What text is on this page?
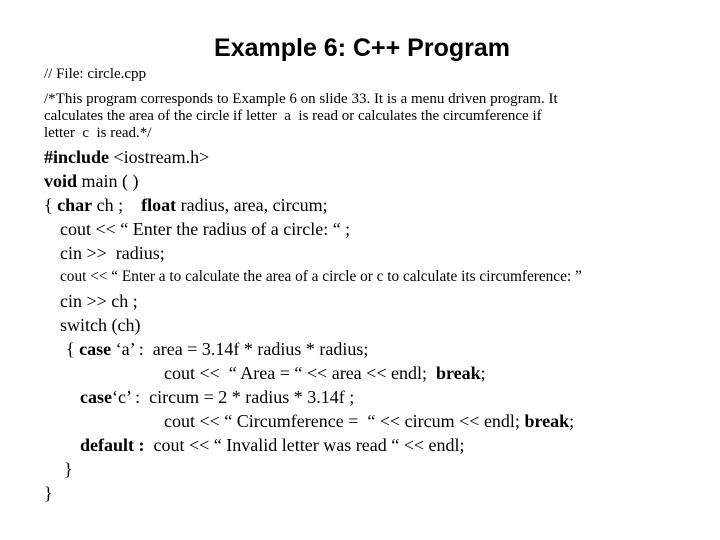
Example 6: C++ Program
// File: circle.cpp
/*This program corresponds to Example 6 on slide 33. It is a menu driven program. It
calculates the area of the circle if letter  a  is read or calculates the circumference if
letter  c  is read.*/
#include <iostream.h>
void main ( )
{ char ch ;    float radius, area, circum;
cout << “ Enter the radius of a circle: “ ;
cin >>  radius;
cout << “ Enter a to calculate the area of a circle or c to calculate its circumference: ”
cin >> ch ;
switch (ch)
{ case ‘a’ :  area = 3.14f * radius * radius;
cout <<  “ Area = “ << area << endl;  break;
case‘c’ :  circum = 2 * radius * 3.14f ;
cout << “ Circumference =  “ << circum << endl; break;
default :  cout << “ Invalid letter was read “ << endl;
}
}
